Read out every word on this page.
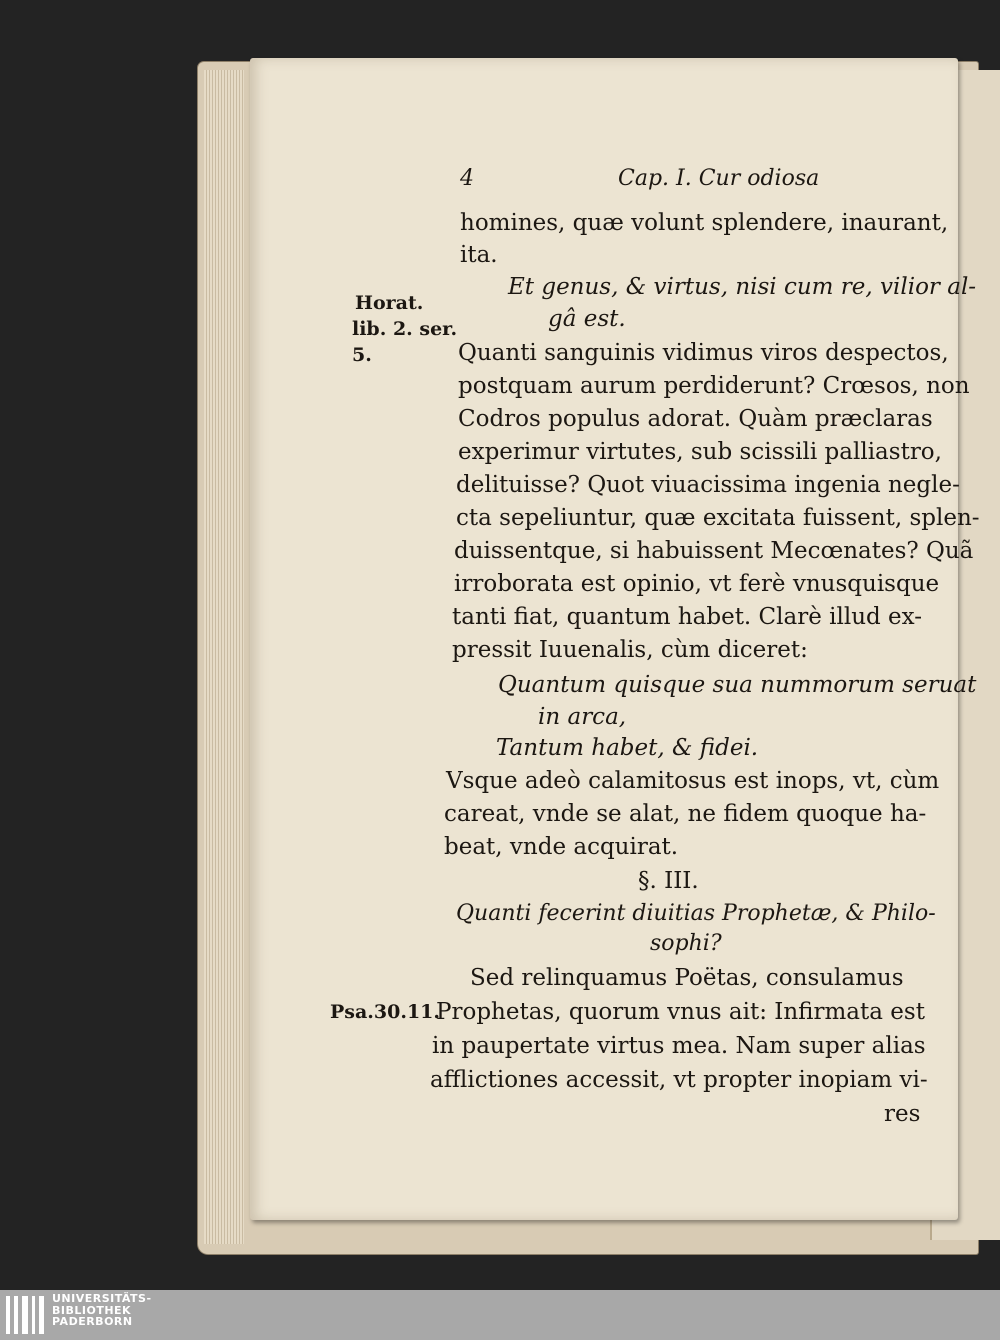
4	Cap. I. Cur odiosa
Horat.
lib. 2. ser.
5.
Psa.30.11.
homines, quæ volunt splendere, inaurant,
ita.
Et genus, & virtus, nisi cum re, vilior al-
gâ est.
Quanti sanguinis vidimus viros despectos,
postquam aurum perdiderunt? Crœsos, non
Codros populus adorat. Quàm præclaras
experimur virtutes, sub scissili palliastro,
delituisse? Quot viuacissima ingenia negle-
cta sepeliuntur, quæ excitata fuissent, splen-
duissentque, si habuissent Mecœnates? Quã
irroborata est opinio, vt ferè vnusquisque
tanti fiat, quantum habet. Clarè illud ex-
pressit Iuuenalis, cùm diceret:
Quantum quisque sua nummorum seruat
in arca,
Tantum habet, & fidei.
Vsque adeò calamitosus est inops, vt, cùm
careat, vnde se alat, ne fidem quoque ha-
beat, vnde acquirat.
§. III.
Quanti fecerint diuitias Prophetæ, & Philo-
sophi?
Sed relinquamus Poëtas, consulamus
Prophetas, quorum vnus ait: Infirmata est
in paupertate virtus mea. Nam super alias
afflictiones accessit, vt propter inopiam vi-
res
UNIVERSITÄTS-
BIBLIOTHEK
PADERBORN
